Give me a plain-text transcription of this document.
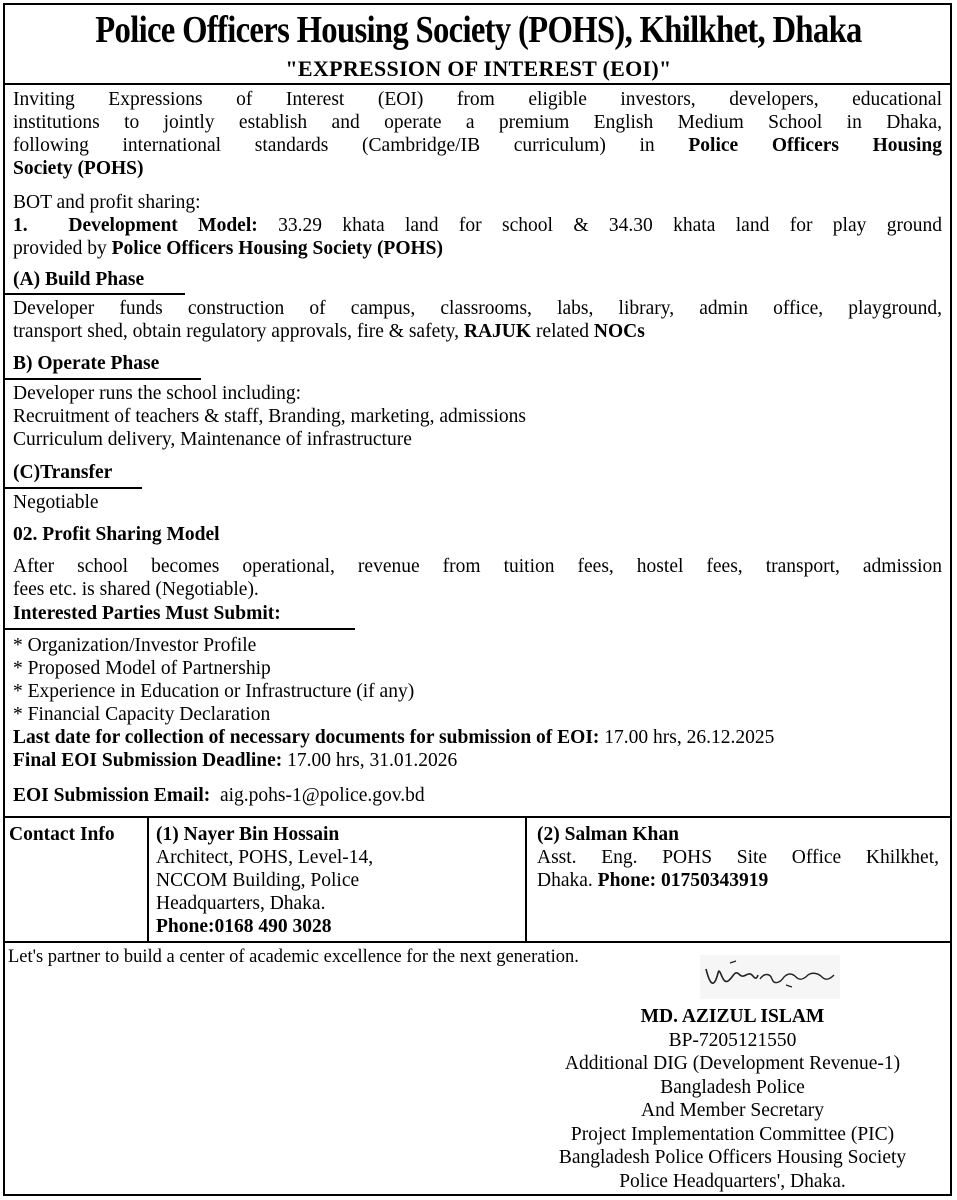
Police Officers Housing Society (POHS), Khilkhet, Dhaka
"EXPRESSION OF INTEREST (EOI)"
Inviting Expressions of Interest (EOI) from eligible investors, developers, educational
institutions to jointly establish and operate a premium English Medium School in Dhaka,
following international standards (Cambridge/IB curriculum) in Police Officers Housing
Society (POHS)
BOT and profit sharing:
1. Development Model: 33.29 khata land for school & 34.30 khata land for play ground
provided by Police Officers Housing Society (POHS)
(A) Build Phase
Developer funds construction of campus, classrooms, labs, library, admin office, playground,
transport shed, obtain regulatory approvals, fire & safety, RAJUK related NOCs
B) Operate Phase
Developer runs the school including:
Recruitment of teachers & staff, Branding, marketing, admissions
Curriculum delivery, Maintenance of infrastructure
(C)Transfer
Negotiable
02. Profit Sharing Model
After school becomes operational, revenue from tuition fees, hostel fees, transport, admission
fees etc. is shared (Negotiable).
Interested Parties Must Submit:
* Organization/Investor Profile
* Proposed Model of Partnership
* Experience in Education or Infrastructure (if any)
* Financial Capacity Declaration
Last date for collection of necessary documents for submission of EOI: 17.00 hrs, 26.12.2025
Final EOI Submission Deadline: 17.00 hrs, 31.01.2026
EOI Submission Email: aig.pohs-1@police.gov.bd
Contact Info (1) Nayer Bin Hossain
Architect, POHS, Level-14,
NCCOM Building, Police
Headquarters, Dhaka.
Phone:0168 490 3028
(2) Salman Khan
Asst. Eng. POHS Site Office Khilkhet,
Dhaka. Phone: 01750343919
Let's partner to build a center of academic excellence for the next generation.
MD. AZIZUL ISLAM
BP-7205121550
Additional DIG (Development Revenue-1)
Bangladesh Police
And Member Secretary
Project Implementation Committee (PIC)
Bangladesh Police Officers Housing Society
Police Headquarters', Dhaka.
